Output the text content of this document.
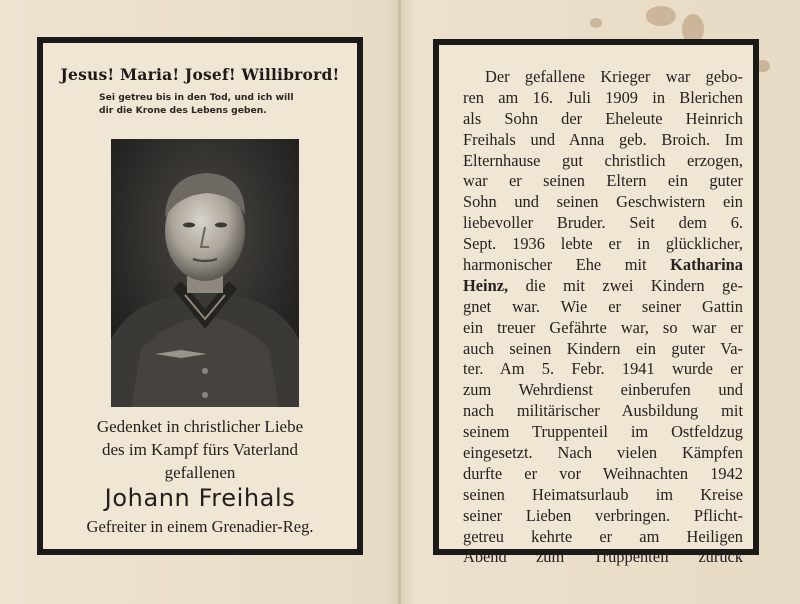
Jesus! Maria! Josef! Willibrord!
Sei getreu bis in den Tod, und ich will
dir die Krone des Lebens geben.
Gedenket in christlicher Liebe
des im Kampf fürs Vaterland
gefallenen
Johann Freihals
Gefreiter in einem Grenadier-Reg.
Der gefallene Krieger war gebo-
ren am 16. Juli 1909 in Blerichen
als Sohn der Eheleute Heinrich
Freihals und Anna geb. Broich. Im
Elternhause gut christlich erzogen,
war er seinen Eltern ein guter
Sohn und seinen Geschwistern ein
liebevoller Bruder. Seit dem 6.
Sept. 1936 lebte er in glücklicher,
harmonischer Ehe mit Katharina
Heinz, die mit zwei Kindern ge-
gnet war. Wie er seiner Gattin
ein treuer Gefährte war, so war er
auch seinen Kindern ein guter Va-
ter. Am 5. Febr. 1941 wurde er
zum Wehrdienst einberufen und
nach militärischer Ausbildung mit
seinem Truppenteil im Ostfeldzug
eingesetzt. Nach vielen Kämpfen
durfte er vor Weihnachten 1942
seinen Heimatsurlaub im Kreise
seiner Lieben verbringen. Pflicht-
getreu kehrte er am Heiligen
Abend zum Truppenteil zurück
